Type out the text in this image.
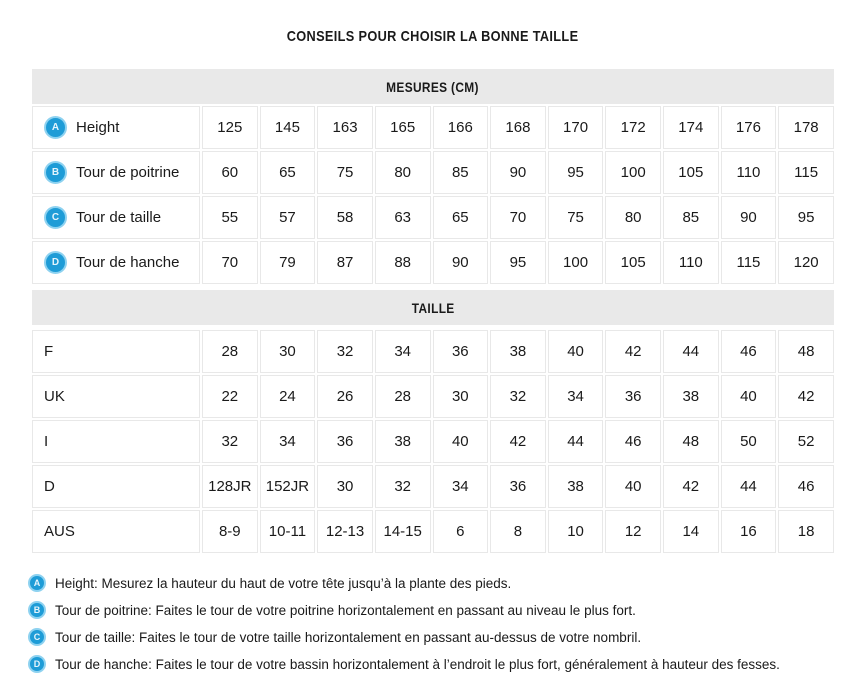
CONSEILS POUR CHOISIR LA BONNE TAILLE
MESURES (CM)											

A Height	125	145	163	165	166	168	170	172	174	176	178

B Tour de poitrine	60	65	75	80	85	90	95	100	105	110	115

C Tour de taille	55	57	58	63	65	70	75	80	85	90	95

D Tour de hanche	70	79	87	88	90	95	100	105	110	115	120
TAILLE											

F	28	30	32	34	36	38	40	42	44	46	48

UK	22	24	26	28	30	32	34	36	38	40	42

I	32	34	36	38	40	42	44	46	48	50	52

D	128JR	152JR	30	32	34	36	38	40	42	44	46

AUS	8-9	10-11	12-13	14-15	6	8	10	12	14	16	18
A	Height: Mesurez la hauteur du haut de votre tête jusqu’à la plante des pieds.
B	Tour de poitrine: Faites le tour de votre poitrine horizontalement en passant au niveau le plus fort.
C	Tour de taille: Faites le tour de votre taille horizontalement en passant au-dessus de votre nombril.
D	Tour de hanche: Faites le tour de votre bassin horizontalement à l’endroit le plus fort, généralement à hauteur des fesses.
